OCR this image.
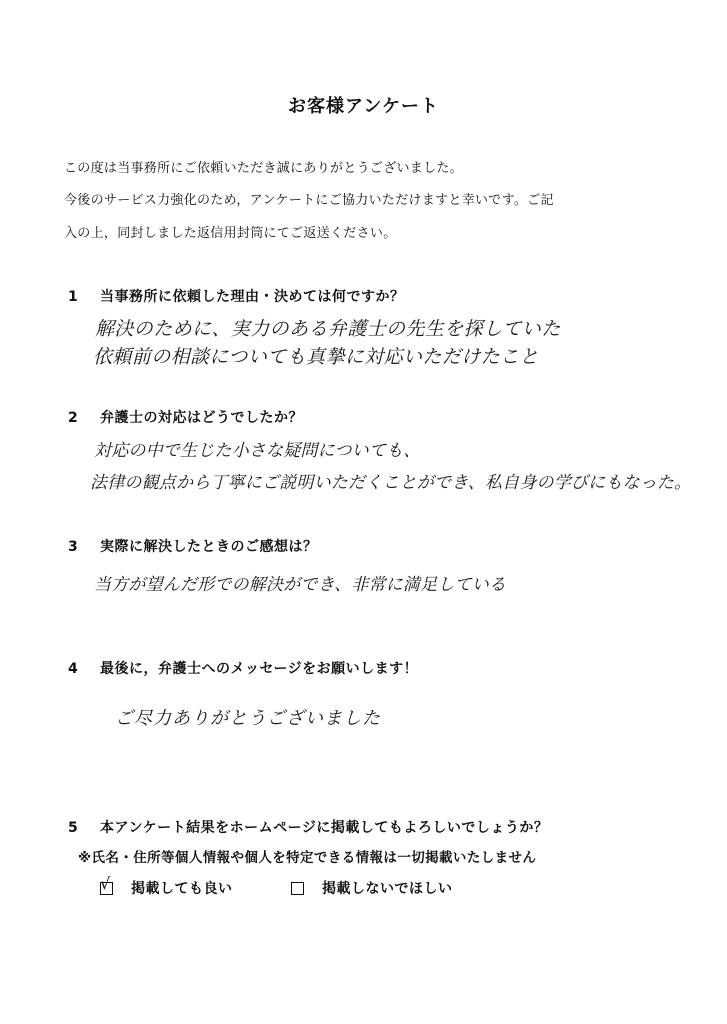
お客様アンケート
この度は当事務所にご依頼いただき誠にありがとうございました。
今後のサービス力強化のため，アンケートにご協力いただけますと幸いです。ご記
入の上，同封しました返信用封筒にてご返送ください。
1 当事務所に依頼した理由・決めては何ですか？
解決のために、実力のある弁護士の先生を探していた
依頼前の相談についても真摯に対応いただけたこと
2 弁護士の対応はどうでしたか？
対応の中で生じた小さな疑問についても、
法律の観点から丁寧にご説明いただくことができ、私自身の学びにもなった。
3 実際に解決したときのご感想は？
当方が望んだ形での解決ができ、非常に満足している
4 最後に，弁護士へのメッセージをお願いします！
ご尽力ありがとうございました
5 本アンケート結果をホームページに掲載してもよろしいでしょうか？
※氏名・住所等個人情報や個人を特定できる情報は一切掲載いたしません
√ 掲載しても良い	掲載しないでほしい
